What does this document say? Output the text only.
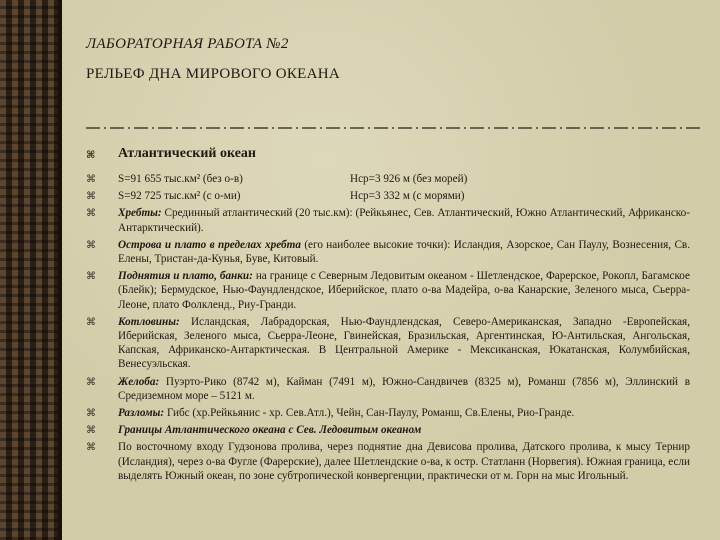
ЛАБОРАТОРНАЯ РАБОТА №2
РЕЛЬЕФ ДНА МИРОВОГО ОКЕАНА
⌘ Атлантический океан
⌘ S=91 655 тыс.км² (без о-в)	Нср=3 926 м (без морей)
⌘ S=92 725 тыс.км² (с о-ми)	Нср=3 332 м (с морями)
⌘ Хребты: Срединный атлантический (20 тыс.км): (Рейкьянес, Сев. Атлантический, Южно Атлантический, Африканско-Антарктический).
⌘ Острова и плато в пределах хребта (его наиболее высокие точки): Исландия, Азорское, Сан Паулу, Вознесения, Св. Елены, Тристан-да-Кунья, Буве, Китовый.
⌘ Поднятия и плато, банки: на границе с Северным Ледовитым океаном - Шетлендское, Фарерское, Рокопл, Багамское (Блейк); Бермудское, Нью-Фаундлендское, Иберийское, плато о-ва Мадейра, о-ва Канарские, Зеленого мыса, Сьерра-Леоне, плато Фолкленд., Риу-Гранди.
⌘ Котловины: Исландская, Лабрадорская, Нью-Фаундлендская, Северо-Американская, Западно -Европейская, Иберийская, Зеленого мыса, Сьерра-Леоне, Гвинейская, Бразильская, Аргентинская, Ю-Антильская, Ангольская, Капская, Африканско-Антарктическая. В Центральной Америке - Мексиканская, Юкатанская, Колумбийская, Венесуэльская.
⌘ Желоба: Пуэрто-Рико (8742 м), Кайман (7491 м), Южно-Сандвичев (8325 м), Романш (7856 м), Эллинский в Средиземном море – 5121 м.
⌘ Разломы: Гибс (хр.Рейкьянис - хр. Сев.Атл.), Чейн, Сан-Паулу, Романш, Св.Елены, Рио-Гранде.
⌘ Границы Атлантического океана с Сев. Ледовитым океаном
⌘ По восточному входу Гудзонова пролива, через поднятие дна Девисова пролива, Датского пролива, к мысу Тернир (Исландия), через о-ва Фугле (Фарерские), далее Шетлендские о-ва, к остр. Статланн (Норвегия). Южная граница, если выделять Южный океан, по зоне субтропической конвергенции, практически от м. Горн на мыс Игольный.
